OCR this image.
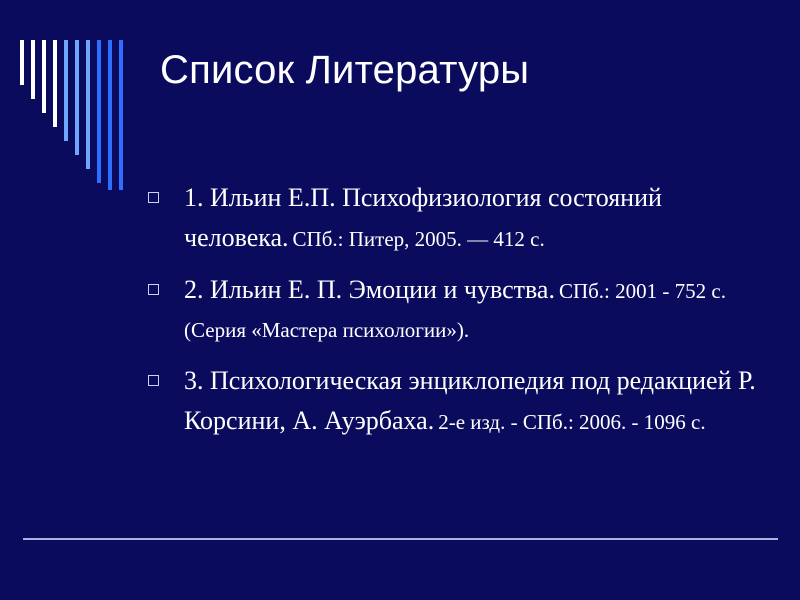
Список Литературы
1. Ильин Е.П. Психофизиология состояний человека. СПб.: Питер, 2005. — 412 с.
2. Ильин Е. П. Эмоции и чувства. СПб.: 2001 - 752 с. (Серия «Мастера психологии»).
3. Психологическая энциклопедия под редакцией Р. Корсини, А. Ауэрбаха. 2-е изд. - СПб.: 2006. - 1096 с.
